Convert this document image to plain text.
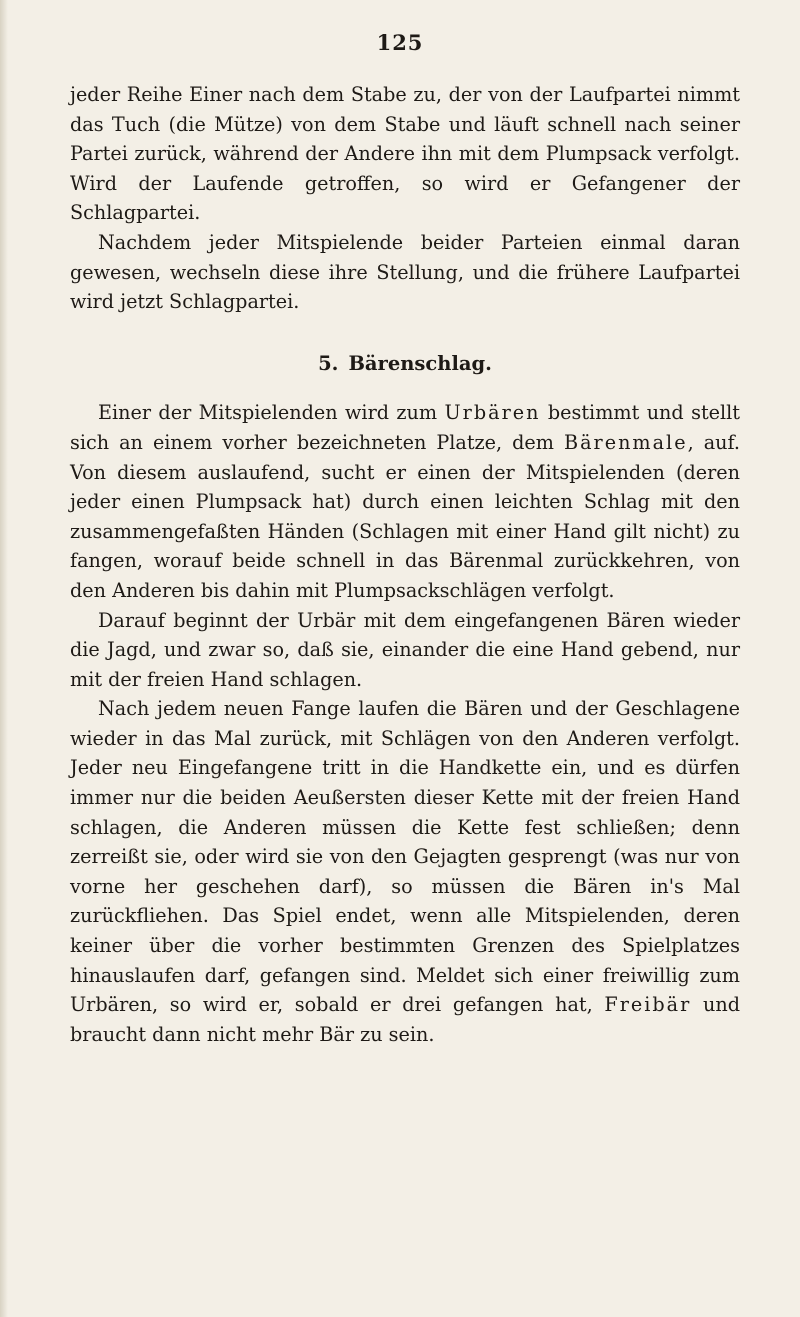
125

jeder Reihe Einer nach dem Stabe zu, der von der Laufpartei nimmt das Tuch (die Mütze) von dem Stabe und läuft schnell nach seiner Partei zurück, während der Andere ihn mit dem Plumpsack verfolgt. Wird der Laufende getroffen, so wird er Gefangener der Schlagpartei.

Nachdem jeder Mitspielende beider Parteien einmal daran gewesen, wechseln diese ihre Stellung, und die frühere Laufpartei wird jetzt Schlagpartei.

5. Bärenschlag.

Einer der Mitspielenden wird zum Urbären bestimmt und stellt sich an einem vorher bezeichneten Platze, dem Bärenmale, auf. Von diesem auslaufend, sucht er einen der Mitspielenden (deren jeder einen Plumpsack hat) durch einen leichten Schlag mit den zusammengefaßten Händen (Schlagen mit einer Hand gilt nicht) zu fangen, worauf beide schnell in das Bärenmal zurückkehren, von den Anderen bis dahin mit Plumpsackschlägen verfolgt.

Darauf beginnt der Urbär mit dem eingefangenen Bären wieder die Jagd, und zwar so, daß sie, einander die eine Hand gebend, nur mit der freien Hand schlagen.

Nach jedem neuen Fange laufen die Bären und der Geschlagene wieder in das Mal zurück, mit Schlägen von den Anderen verfolgt. Jeder neu Eingefangene tritt in die Handkette ein, und es dürfen immer nur die beiden Aeußersten dieser Kette mit der freien Hand schlagen, die Anderen müssen die Kette fest schließen; denn zerreißt sie, oder wird sie von den Gejagten gesprengt (was nur von vorne her geschehen darf), so müssen die Bären in's Mal zurückfliehen. Das Spiel endet, wenn alle Mitspielenden, deren keiner über die vorher bestimmten Grenzen des Spielplatzes hinauslaufen darf, gefangen sind. Meldet sich einer freiwillig zum Urbären, so wird er, sobald er drei gefangen hat, Freibär und braucht dann nicht mehr Bär zu sein.
